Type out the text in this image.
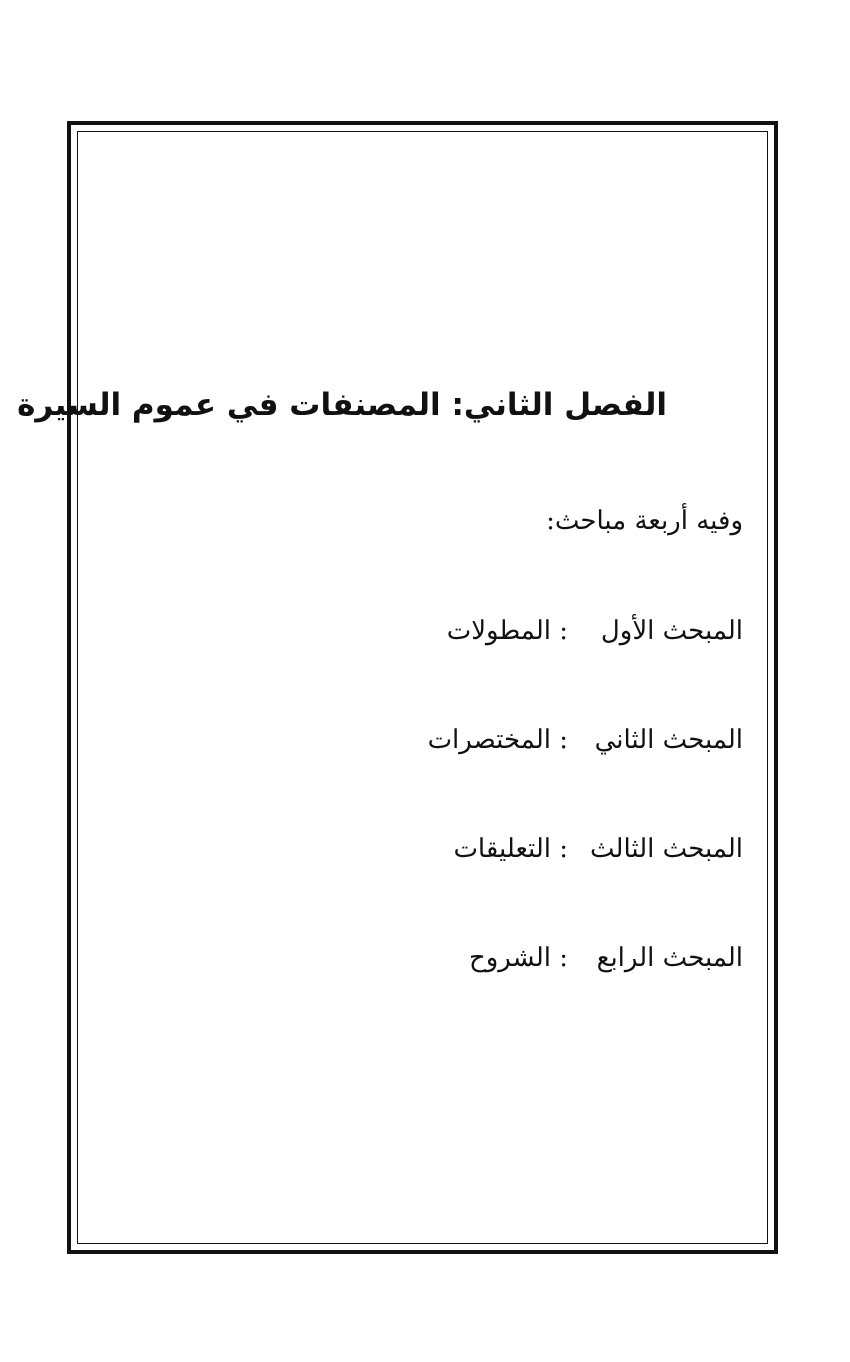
الفصل الثاني: المصنفات في عموم السيرة
وفيه أربعة مباحث:
المبحث الأول: المطولات
المبحث الثاني: المختصرات
المبحث الثالث: التعليقات
المبحث الرابع: الشروح
